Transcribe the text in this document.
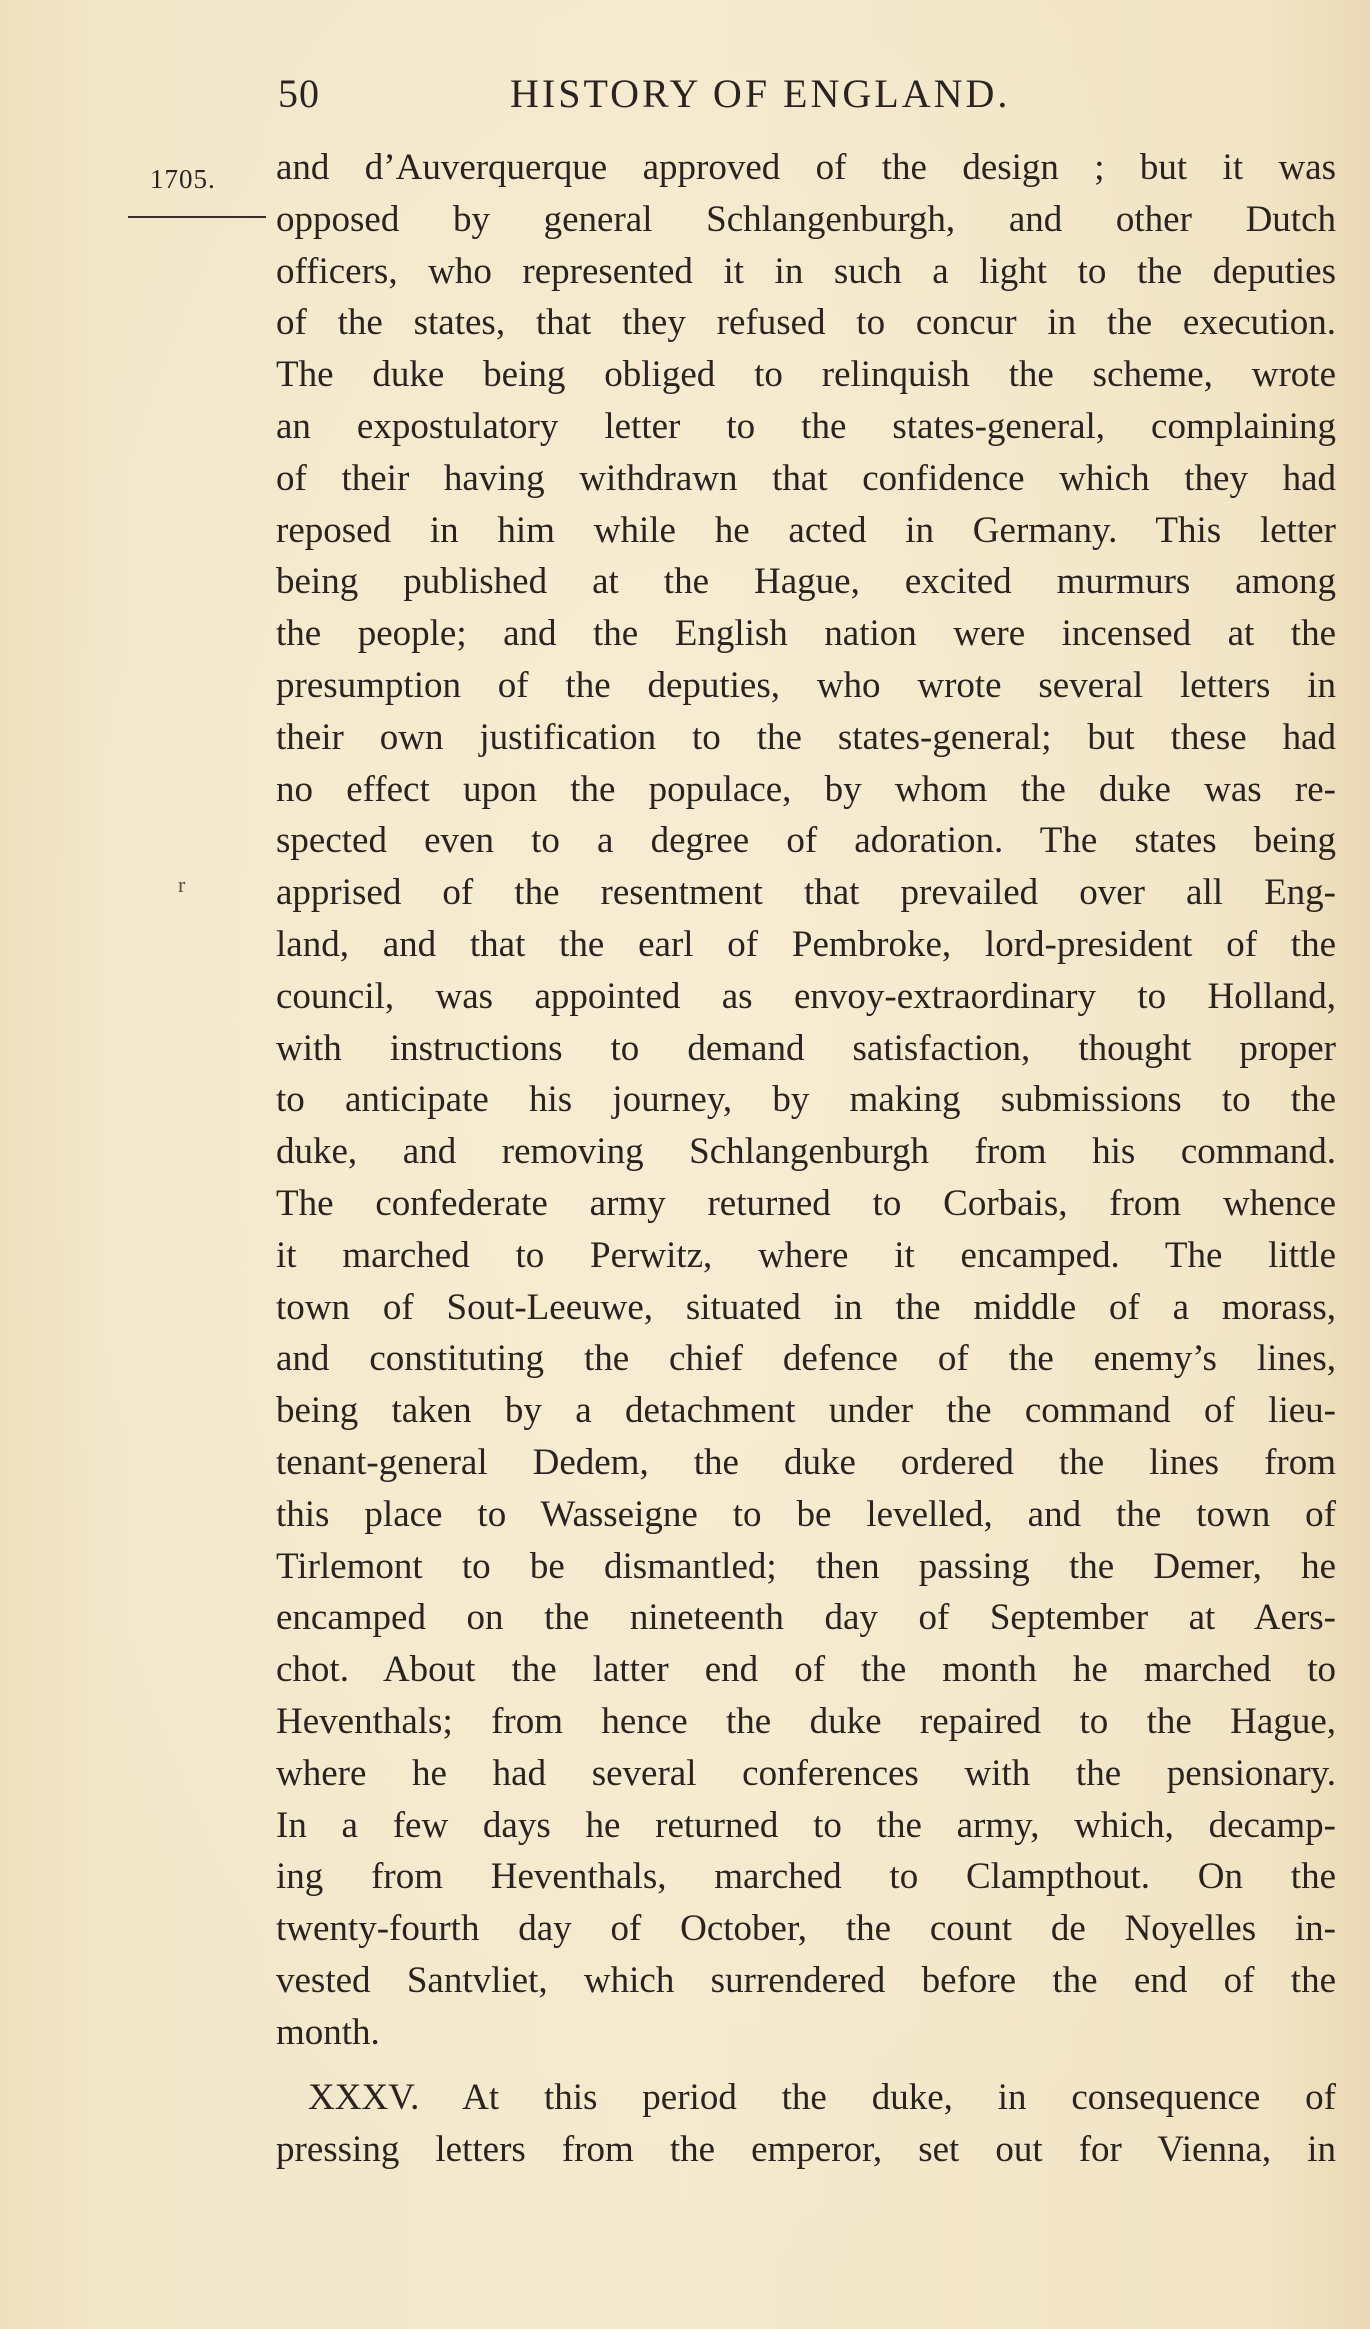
50	HISTORY OF ENGLAND.
1705.
r
and d’Auverquerque approved of the design ; but it was
opposed by general Schlangenburgh, and other Dutch
officers, who represented it in such a light to the deputies
of the states, that they refused to concur in the execution.
The duke being obliged to relinquish the scheme, wrote
an expostulatory letter to the states-general, complaining
of their having withdrawn that confidence which they had
reposed in him while he acted in Germany. This letter
being published at the Hague, excited murmurs among
the people; and the English nation were incensed at the
presumption of the deputies, who wrote several letters in
their own justification to the states-general; but these had
no effect upon the populace, by whom the duke was re-
spected even to a degree of adoration. The states being
apprised of the resentment that prevailed over all Eng-
land, and that the earl of Pembroke, lord-president of the
council, was appointed as envoy-extraordinary to Holland,
with instructions to demand satisfaction, thought proper
to anticipate his journey, by making submissions to the
duke, and removing Schlangenburgh from his command.
The confederate army returned to Corbais, from whence
it marched to Perwitz, where it encamped. The little
town of Sout-Leeuwe, situated in the middle of a morass,
and constituting the chief defence of the enemy’s lines,
being taken by a detachment under the command of lieu-
tenant-general Dedem, the duke ordered the lines from
this place to Wasseigne to be levelled, and the town of
Tirlemont to be dismantled; then passing the Demer, he
encamped on the nineteenth day of September at Aers-
chot. About the latter end of the month he marched to
Heventhals; from hence the duke repaired to the Hague,
where he had several conferences with the pensionary.
In a few days he returned to the army, which, decamp-
ing from Heventhals, marched to Clampthout. On the
twenty-fourth day of October, the count de Noyelles in-
vested Santvliet, which surrendered before the end of the
month.
XXXV. At this period the duke, in consequence of
pressing letters from the emperor, set out for Vienna, in
